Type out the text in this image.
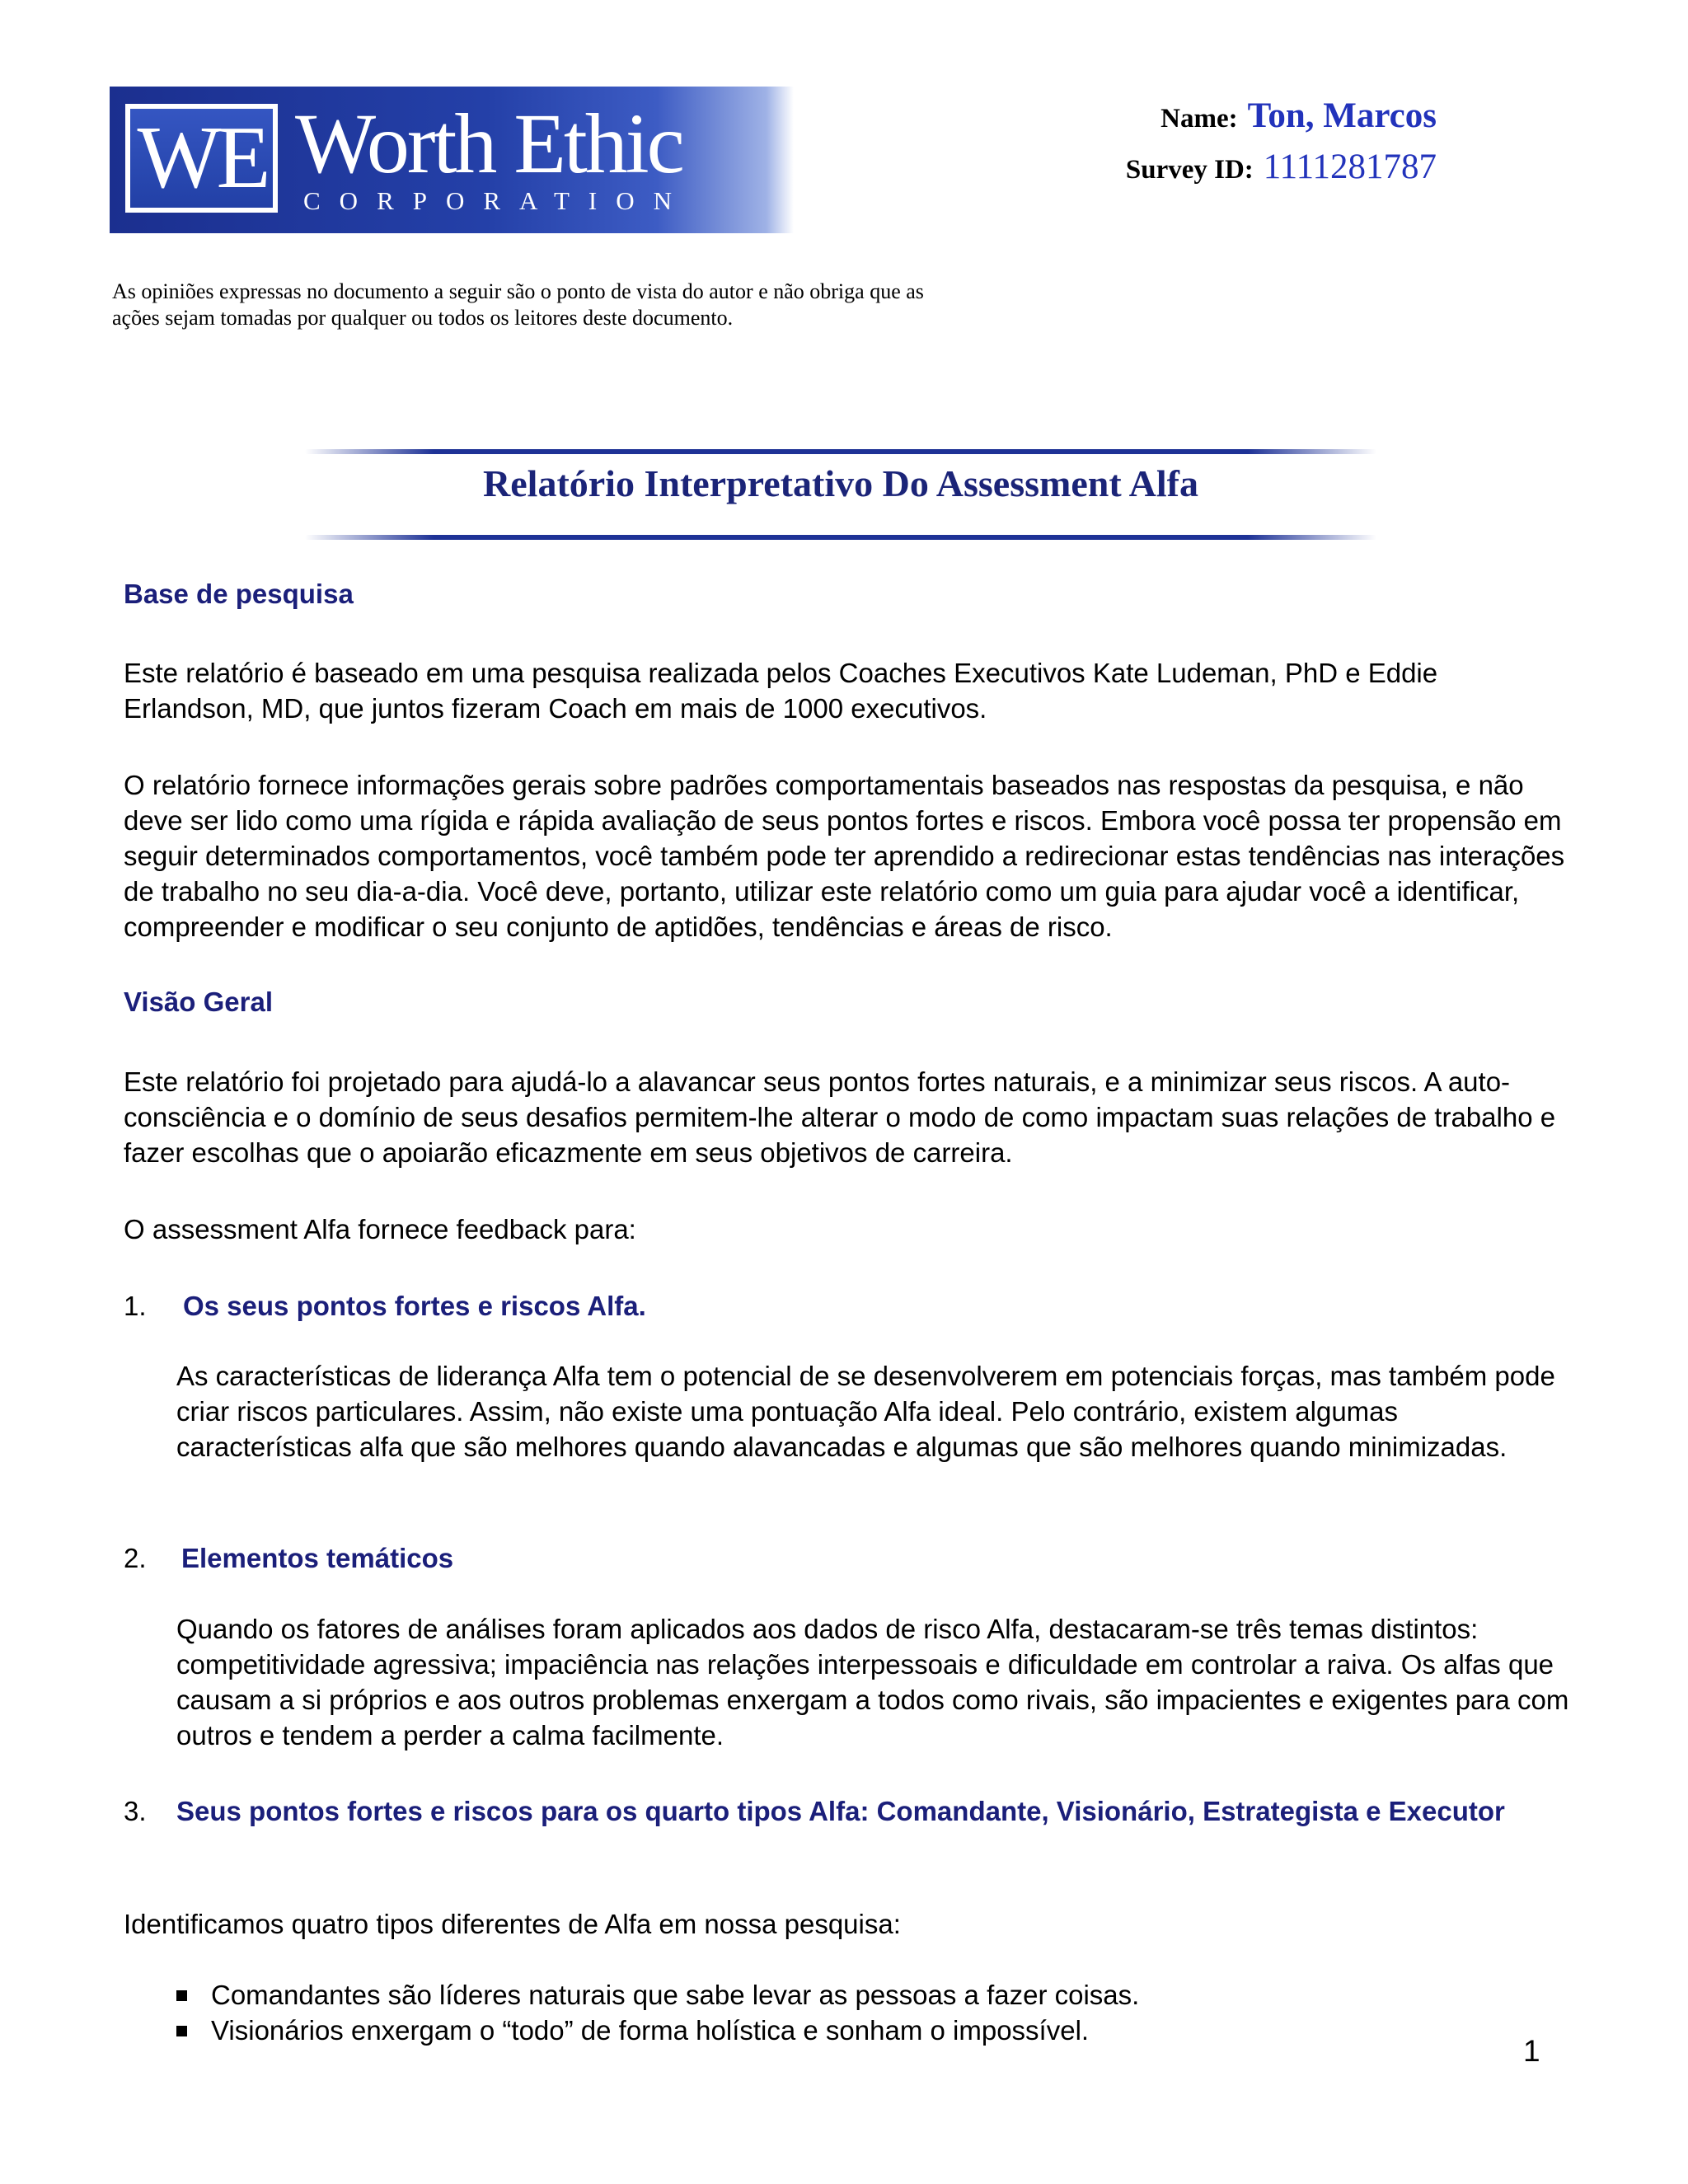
WE Worth Ethic
CORPORATION
Name: Ton, Marcos
Survey ID: 1111281787
As opiniões expressas no documento a seguir são o ponto de vista do autor e não obriga que as ações sejam tomadas por qualquer ou todos os leitores deste documento.
Relatório Interpretativo Do Assessment Alfa
Base de pesquisa
Este relatório é baseado em uma pesquisa realizada pelos Coaches Executivos Kate Ludeman, PhD e Eddie Erlandson, MD, que juntos fizeram Coach em mais de 1000 executivos.
O relatório fornece informações gerais sobre padrões comportamentais baseados nas respostas da pesquisa, e não deve ser lido como uma rígida e rápida avaliação de seus pontos fortes e riscos. Embora você possa ter propensão em seguir determinados comportamentos, você também pode ter aprendido a redirecionar estas tendências nas interações de trabalho no seu dia-a-dia. Você deve, portanto, utilizar este relatório como um guia para ajudar você a identificar, compreender e modificar o seu conjunto de aptidões, tendências e áreas de risco.
Visão Geral
Este relatório foi projetado para ajudá-lo a alavancar seus pontos fortes naturais, e a minimizar seus riscos. A auto-consciência e o domínio de seus desafios permitem-lhe alterar o modo de como impactam suas relações de trabalho e fazer escolhas que o apoiarão eficazmente em seus objetivos de carreira.
O assessment Alfa fornece feedback para:
1. Os seus pontos fortes e riscos Alfa.
As características de liderança Alfa tem o potencial de se desenvolverem em potenciais forças, mas também pode criar riscos particulares. Assim, não existe uma pontuação Alfa ideal. Pelo contrário, existem algumas características alfa que são melhores quando alavancadas e algumas que são melhores quando minimizadas.
2. Elementos temáticos
Quando os fatores de análises foram aplicados aos dados de risco Alfa, destacaram-se três temas distintos: competitividade agressiva; impaciência nas relações interpessoais e dificuldade em controlar a raiva. Os alfas que causam a si próprios e aos outros problemas enxergam a todos como rivais, são impacientes e exigentes para com outros e tendem a perder a calma facilmente.
3. Seus pontos fortes e riscos para os quarto tipos Alfa: Comandante, Visionário, Estrategista e Executor
Identificamos quatro tipos diferentes de Alfa em nossa pesquisa:
Comandantes são líderes naturais que sabe levar as pessoas a fazer coisas.
Visionários enxergam o “todo” de forma holística e sonham o impossível.
1
